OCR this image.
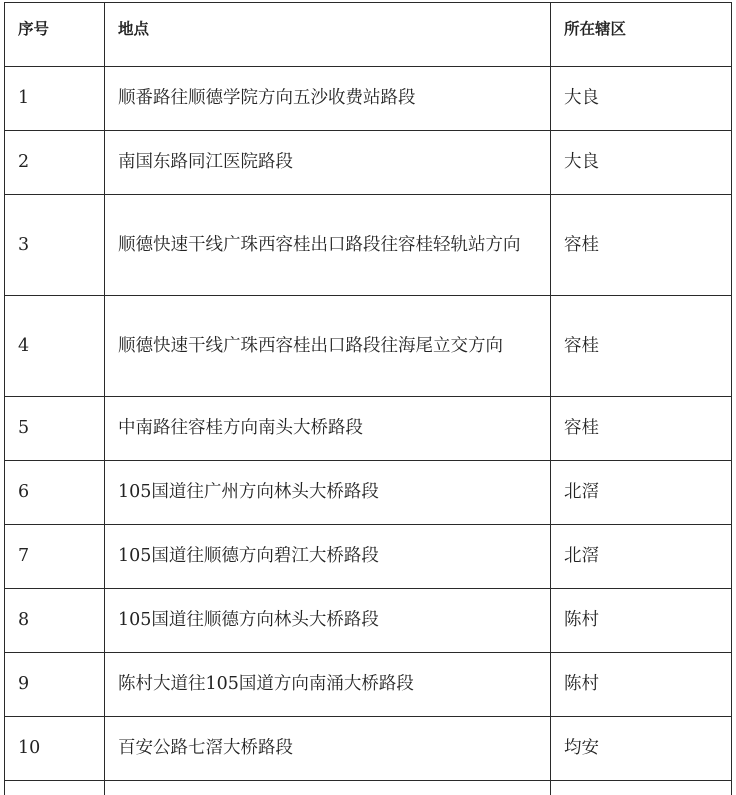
序号	地点	所在辖区
1	顺番路往顺德学院方向五沙收费站路段	大良
2	南国东路同江医院路段	大良
3	顺德快速干线广珠西容桂出口路段往容桂轻轨站方向	容桂
4	顺德快速干线广珠西容桂出口路段往海尾立交方向	容桂
5	中南路往容桂方向南头大桥路段	容桂
6	105国道往广州方向林头大桥路段	北滘
7	105国道往顺德方向碧江大桥路段	北滘
8	105国道往顺德方向林头大桥路段	陈村
9	陈村大道往105国道方向南涌大桥路段	陈村
10	百安公路七滘大桥路段	均安
